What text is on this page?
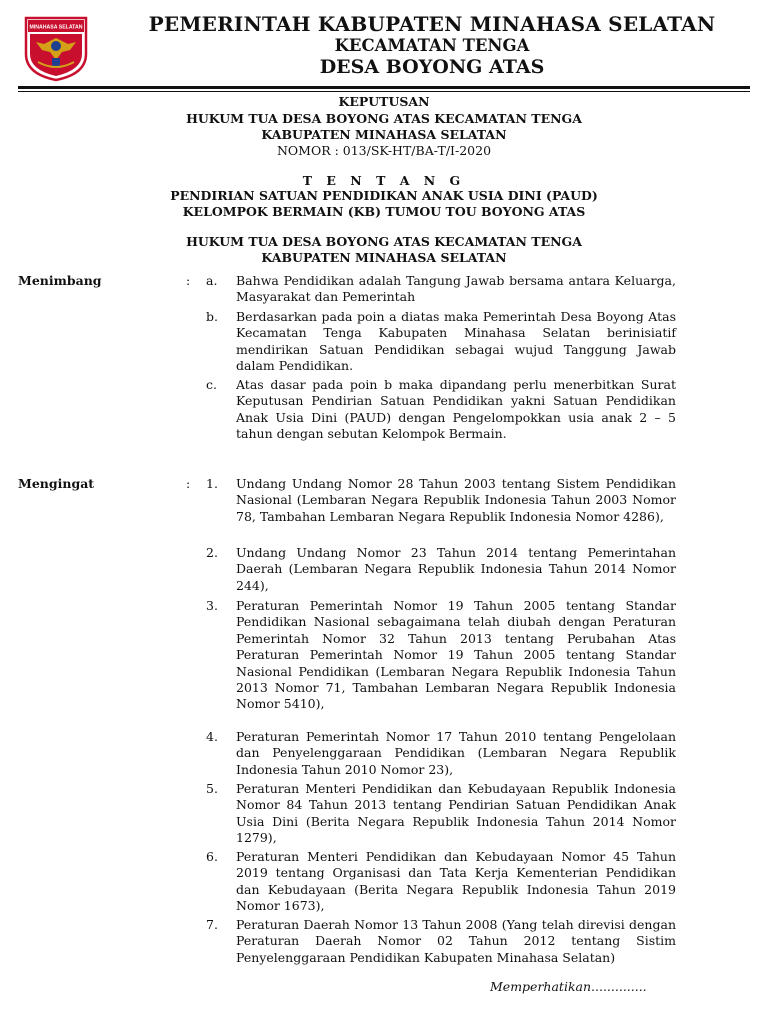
MINAHASA SELATAN	PEMERINTAH KABUPATEN MINAHASA SELATAN
KECAMATAN TENGA
DESA BOYONG ATAS
KEPUTUSAN
HUKUM TUA DESA BOYONG ATAS KECAMATAN TENGA
KABUPATEN MINAHASA SELATAN
NOMOR : 013/SK-HT/BA-T/I-2020
T E N T A N G
PENDIRIAN SATUAN PENDIDIKAN ANAK USIA DINI (PAUD)
KELOMPOK BERMAIN (KB) TUMOU TOU BOYONG ATAS
HUKUM TUA DESA BOYONG ATAS KECAMATAN TENGA
KABUPATEN MINAHASA SELATAN
Menimbang	: a. Bahwa Pendidikan adalah Tangung Jawab bersama antara Keluarga, Masyarakat dan Pemerintah
b. Berdasarkan pada poin a diatas maka Pemerintah Desa Boyong Atas Kecamatan Tenga Kabupaten Minahasa Selatan berinisiatif mendirikan Satuan Pendidikan sebagai wujud Tanggung Jawab dalam Pendidikan.
c. Atas dasar pada poin b maka dipandang perlu menerbitkan Surat Keputusan Pendirian Satuan Pendidikan yakni Satuan Pendidikan Anak Usia Dini (PAUD) dengan Pengelompokkan usia anak 2 – 5 tahun dengan sebutan Kelompok Bermain.
Mengingat	: 1. Undang Undang Nomor 28 Tahun 2003 tentang Sistem Pendidikan Nasional (Lembaran Negara Republik Indonesia Tahun 2003 Nomor 78, Tambahan Lembaran Negara Republik Indonesia Nomor 4286),
2. Undang Undang Nomor 23 Tahun 2014 tentang Pemerintahan Daerah (Lembaran Negara Republik Indonesia Tahun 2014 Nomor 244),
3. Peraturan Pemerintah Nomor 19 Tahun 2005 tentang Standar Pendidikan Nasional sebagaimana telah diubah dengan Peraturan Pemerintah Nomor 32 Tahun 2013 tentang Perubahan Atas Peraturan Pemerintah Nomor 19 Tahun 2005 tentang Standar Nasional Pendidikan (Lembaran Negara Republik Indonesia Tahun 2013 Nomor 71, Tambahan Lembaran Negara Republik Indonesia Nomor 5410),
4. Peraturan Pemerintah Nomor 17 Tahun 2010 tentang Pengelolaan dan Penyelenggaraan Pendidikan (Lembaran Negara Republik Indonesia Tahun 2010 Nomor 23),
5. Peraturan Menteri Pendidikan dan Kebudayaan Republik Indonesia Nomor 84 Tahun 2013 tentang Pendirian Satuan Pendidikan Anak Usia Dini (Berita Negara Republik Indonesia Tahun 2014 Nomor 1279),
6. Peraturan Menteri Pendidikan dan Kebudayaan Nomor 45 Tahun 2019 tentang Organisasi dan Tata Kerja Kementerian Pendidikan dan Kebudayaan (Berita Negara Republik Indonesia Tahun 2019 Nomor 1673),
7. Peraturan Daerah Nomor 13 Tahun 2008 (Yang telah direvisi dengan Peraturan Daerah Nomor 02 Tahun 2012 tentang Sistim Penyelenggaraan Pendidikan Kabupaten Minahasa Selatan)
Memperhatikan..............
